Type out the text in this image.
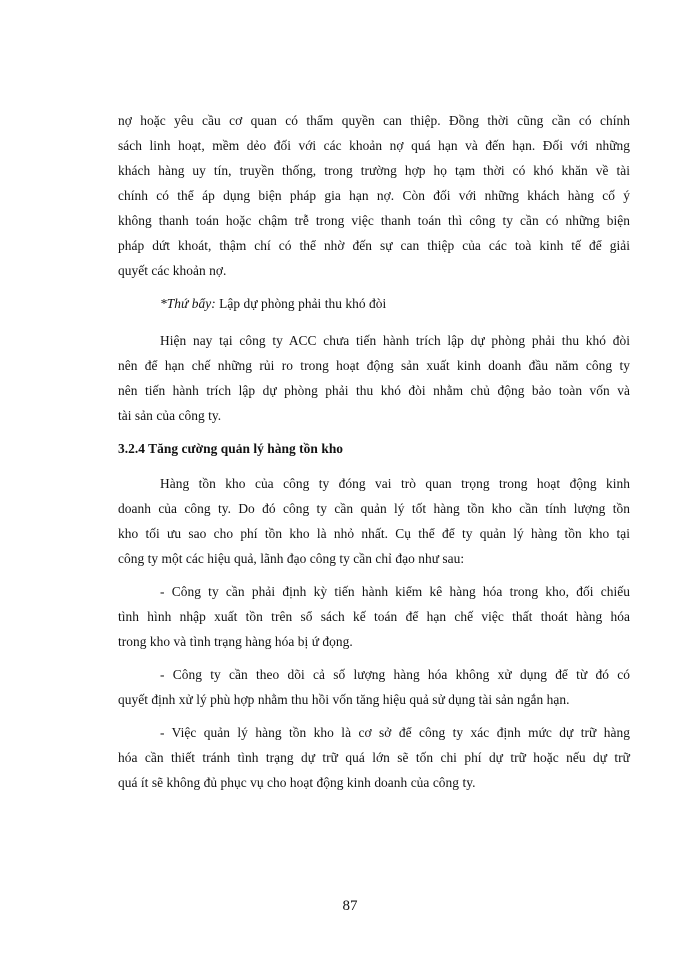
nợ hoặc yêu cầu cơ quan có thẩm quyền can thiệp. Đồng thời cũng cần có chính
sách linh hoạt, mềm dẻo đối với các khoản nợ quá hạn và đến hạn. Đối với những
khách hàng uy tín, truyền thống, trong trường hợp họ tạm thời có khó khăn về tài
chính có thể áp dụng biện pháp gia hạn nợ. Còn đối với những khách hàng cố ý
không thanh toán hoặc chậm trễ trong việc thanh toán thì công ty cần có những biện
pháp dứt khoát, thậm chí có thể nhờ đến sự can thiệp của các toà kinh tế để giải
quyết các khoản nợ.
*Thứ bẩy: Lập dự phòng phải thu khó đòi
Hiện nay tại công ty ACC chưa tiến hành trích lập dự phòng phải thu khó đòi
nên để hạn chế những rủi ro trong hoạt động sản xuất kinh doanh đầu năm công ty
nên tiến hành trích lập dự phòng phải thu khó đòi nhằm chủ động bảo toàn vốn và
tài sản của công ty.
3.2.4 Tăng cường quản lý hàng tồn kho
Hàng tồn kho của công ty đóng vai trò quan trọng trong hoạt động kinh
doanh của công ty. Do đó công ty cần quản lý tốt hàng tồn kho cần tính lượng tồn
kho tối ưu sao cho phí tồn kho là nhỏ nhất. Cụ thể để ty quản lý hàng tồn kho tại
công ty một các hiệu quả, lãnh đạo công ty cần chỉ đạo như sau:
- Công ty cần phải định kỳ tiến hành kiểm kê hàng hóa trong kho, đối chiếu
tình hình nhập xuất tồn trên sổ sách kế toán để hạn chế việc thất thoát hàng hóa
trong kho và tình trạng hàng hóa bị ứ đọng.
- Công ty cần theo dõi cả số lượng hàng hóa không xử dụng để từ đó có
quyết định xử lý phù hợp nhằm thu hồi vốn tăng hiệu quả sử dụng tài sản ngắn hạn.
- Việc quản lý hàng tồn kho là cơ sở để công ty xác định mức dự trữ hàng
hóa cần thiết tránh tình trạng dự trữ quá lớn sẽ tốn chi phí dự trữ hoặc nếu dự trữ
quá ít sẽ không đủ phục vụ cho hoạt động kinh doanh của công ty.
87
